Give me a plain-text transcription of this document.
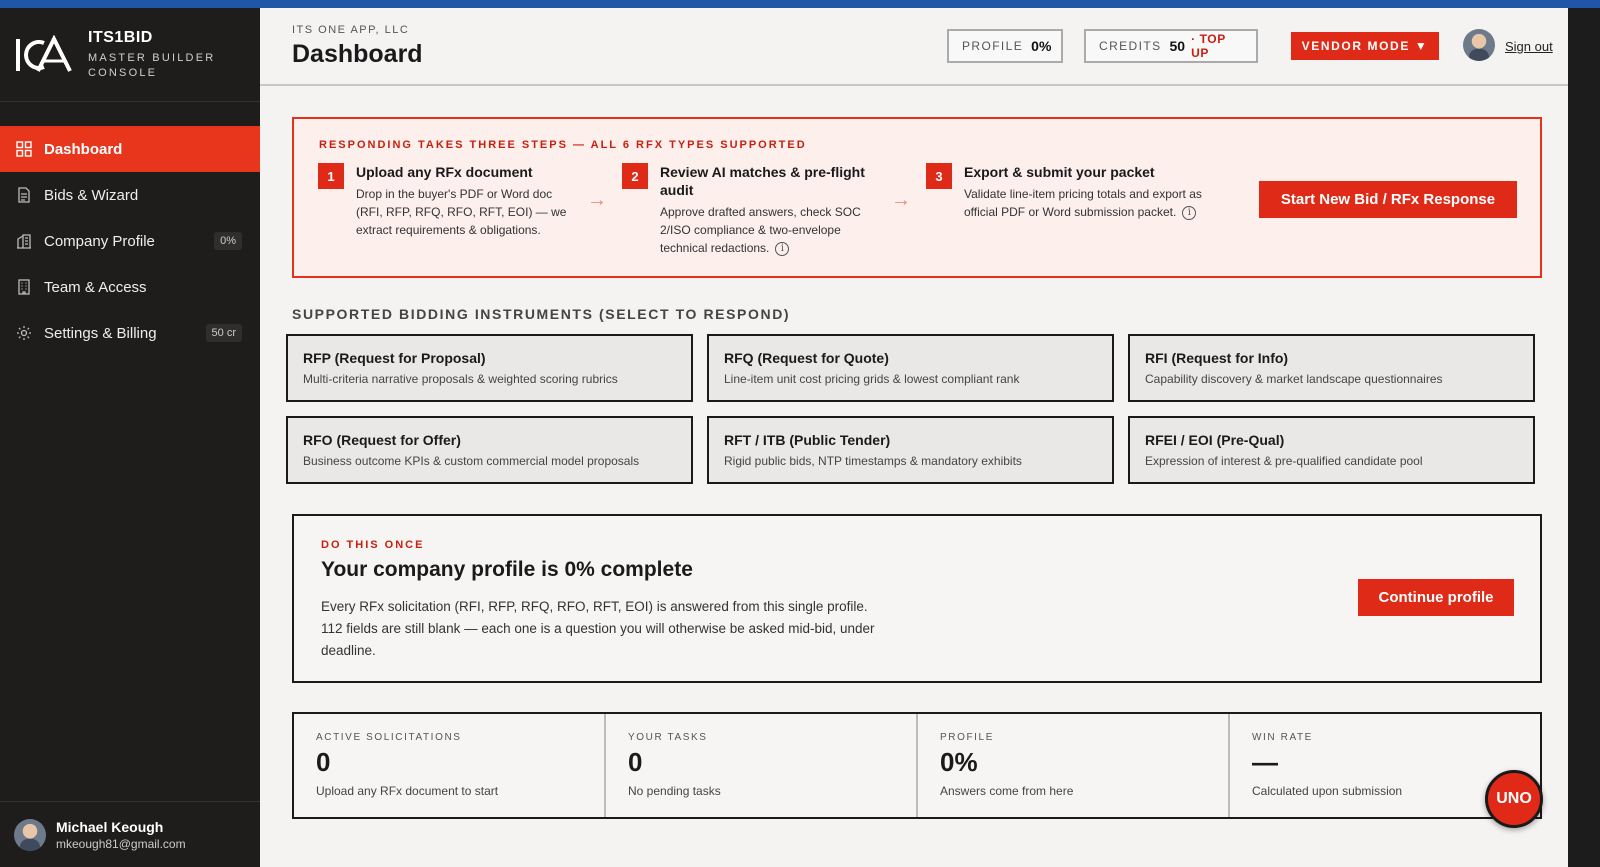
ITS1BID
MASTER BUILDER CONSOLE
Dashboard
Bids & Wizard
Company Profile	0%
Team & Access
Settings & Billing	50 cr
Michael Keough
mkeough81@gmail.com
ITS ONE APP, LLC
Dashboard	PROFILE 0%	CREDITS 50 · TOP UP	VENDOR MODE ▼	Sign out
RESPONDING TAKES THREE STEPS — ALL 6 RFX TYPES SUPPORTED
1	Upload any RFx document
Drop in the buyer's PDF or Word doc (RFI, RFP, RFQ, RFO, RFT, EOI) — we extract requirements & obligations.
→
2	Review AI matches & pre-flight audit
Approve drafted answers, check SOC 2/ISO compliance & two-envelope technical redactions. i
→
3	Export & submit your packet
Validate line-item pricing totals and export as official PDF or Word submission packet. i
Start New Bid / RFx Response
SUPPORTED BIDDING INSTRUMENTS (SELECT TO RESPOND)
RFP (Request for Proposal)
Multi-criteria narrative proposals & weighted scoring rubrics
RFQ (Request for Quote)
Line-item unit cost pricing grids & lowest compliant rank
RFI (Request for Info)
Capability discovery & market landscape questionnaires
RFO (Request for Offer)
Business outcome KPIs & custom commercial model proposals
RFT / ITB (Public Tender)
Rigid public bids, NTP timestamps & mandatory exhibits
RFEI / EOI (Pre-Qual)
Expression of interest & pre-qualified candidate pool
DO THIS ONCE
Your company profile is 0% complete
Every RFx solicitation (RFI, RFP, RFQ, RFO, RFT, EOI) is answered from this single profile. 112 fields are still blank — each one is a question you will otherwise be asked mid-bid, under deadline.
Continue profile
ACTIVE SOLICITATIONS
0
Upload any RFx document to start
YOUR TASKS
0
No pending tasks
PROFILE
0%
Answers come from here
WIN RATE
—
Calculated upon submission	UNO
